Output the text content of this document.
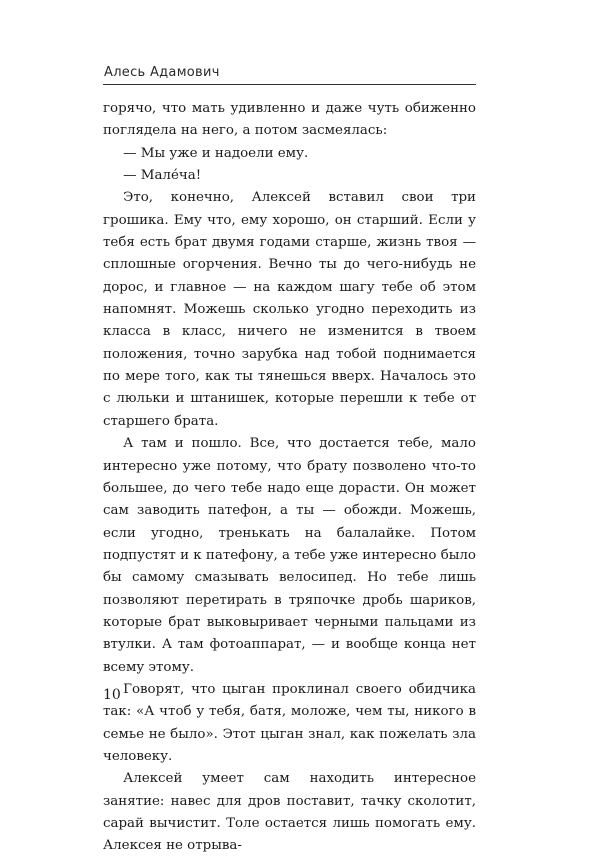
Алесь Адамович

горячо, что мать удивленно и даже чуть обиженно поглядела на него, а потом засмеялась:

— Мы уже и надоели ему.

— Мале́ча!

Это, конечно, Алексей вставил свои три грошика. Ему что, ему хорошо, он старший. Если у тебя есть брат двумя годами старше, жизнь твоя — сплошные огорчения. Вечно ты до чего-нибудь не дорос, и главное — на каждом шагу тебе об этом напомнят. Можешь сколько угодно переходить из класса в класс, ничего не изменится в твоем положения, точно зарубка над тобой поднимается по мере того, как ты тянешься вверх. Началось это с люльки и штанишек, которые перешли к тебе от старшего брата.

А там и пошло. Все, что достается тебе, мало интересно уже потому, что брату позволено что-то большее, до чего тебе надо еще дорасти. Он может сам заводить патефон, а ты — обожди. Можешь, если угодно, тренькать на балалайке. Потом подпустят и к патефону, а тебе уже интересно было бы самому смазывать велосипед. Но тебе лишь позволяют перетирать в тряпочке дробь шариков, которые брат выковыривает черными пальцами из втулки. А там фотоаппарат, — и вообще конца нет всему этому.

Говорят, что цыган проклинал своего обидчика так: «А чтоб у тебя, батя, моложе, чем ты, никого в семье не было». Этот цыган знал, как пожелать зла человеку.

Алексей умеет сам находить интересное занятие: навес для дров поставит, тачку сколотит, сарай вычистит. Толе остается лишь помогать ему. Алексея не отрыва-

10
